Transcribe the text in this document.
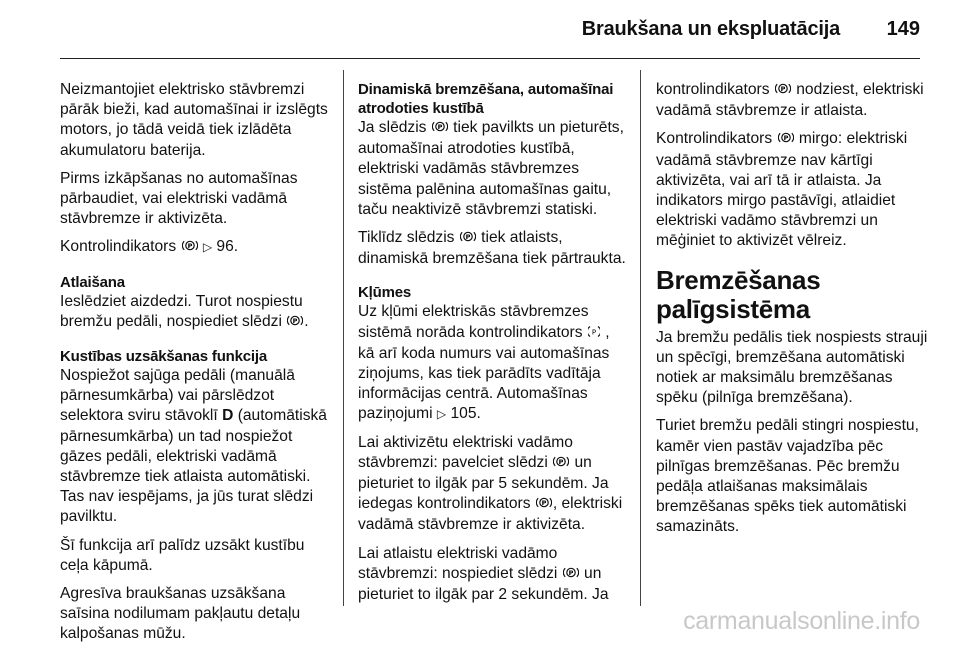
Braukšana un ekspluatācija 149

Neizmantojiet elektrisko stāvbremzi pārāk bieži, kad automašīnai ir izslēgts motors, jo tādā veidā tiek izlādēta akumulatoru baterija.

Pirms izkāpšanas no automašīnas pārbaudiet, vai elektriski vadāmā stāvbremze ir aktivizēta.

Kontrolindikators P ▷ 96.

Atlaišana

Ieslēdziet aizdedzi. Turot nospiestu bremžu pedāli, nospiediet slēdzi P .

Kustības uzsākšanas funkcija

Nospiežot sajūga pedāli (manuālā pārnesumkārba) vai pārslēdzot selektora sviru stāvoklī D (automātiskā pārnesumkārba) un tad nospiežot gāzes pedāli, elektriski vadāmā stāvbremze tiek atlaista automātiski. Tas nav iespējams, ja jūs turat slēdzi pavilktu.

Šī funkcija arī palīdz uzsākt kustību ceļa kāpumā.

Agresīva braukšanas uzsākšana saīsina nodilumam pakļautu detaļu kalpošanas mūžu.

Dinamiskā bremzēšana, automašīnai atrodoties kustībā

Ja slēdzis P tiek pavilkts un pieturēts, automašīnai atrodoties kustībā, elektriski vadāmās stāvbremzes sistēma palēnina automašīnas gaitu, taču neaktivizē stāvbremzi statiski.

Tiklīdz slēdzis P tiek atlaists, dinamiskā bremzēšana tiek pārtraukta.

Kļūmes

Uz kļūmi elektriskās stāvbremzes sistēmā norāda kontrolindikators P , kā arī koda numurs vai automašīnas ziņojums, kas tiek parādīts vadītāja informācijas centrā. Automašīnas paziņojumi ▷ 105.

Lai aktivizētu elektriski vadāmo stāvbremzi: pavelciet slēdzi P un pieturiet to ilgāk par 5 sekundēm. Ja iedegas kontrolindikators P , elektriski vadāmā stāvbremze ir aktivizēta.

Lai atlaistu elektriski vadāmo stāvbremzi: nospiediet slēdzi P un pieturiet to ilgāk par 2 sekundēm. Ja

kontrolindikators P nodziest, elektriski vadāmā stāvbremze ir atlaista.

Kontrolindikators P mirgo: elektriski vadāmā stāvbremze nav kārtīgi aktivizēta, vai arī tā ir atlaista. Ja indikators mirgo pastāvīgi, atlaidiet elektriski vadāmo stāvbremzi un mēģiniet to aktivizēt vēlreiz.

Bremzēšanas palīgsistēma

Ja bremžu pedālis tiek nospiests strauji un spēcīgi, bremzēšana automātiski notiek ar maksimālu bremzēšanas spēku (pilnīga bremzēšana).

Turiet bremžu pedāli stingri nospiestu, kamēr vien pastāv vajadzība pēc pilnīgas bremzēšanas. Pēc bremžu pedāļa atlaišanas maksimālais bremzēšanas spēks tiek automātiski samazināts.

carmanualsonline.info
